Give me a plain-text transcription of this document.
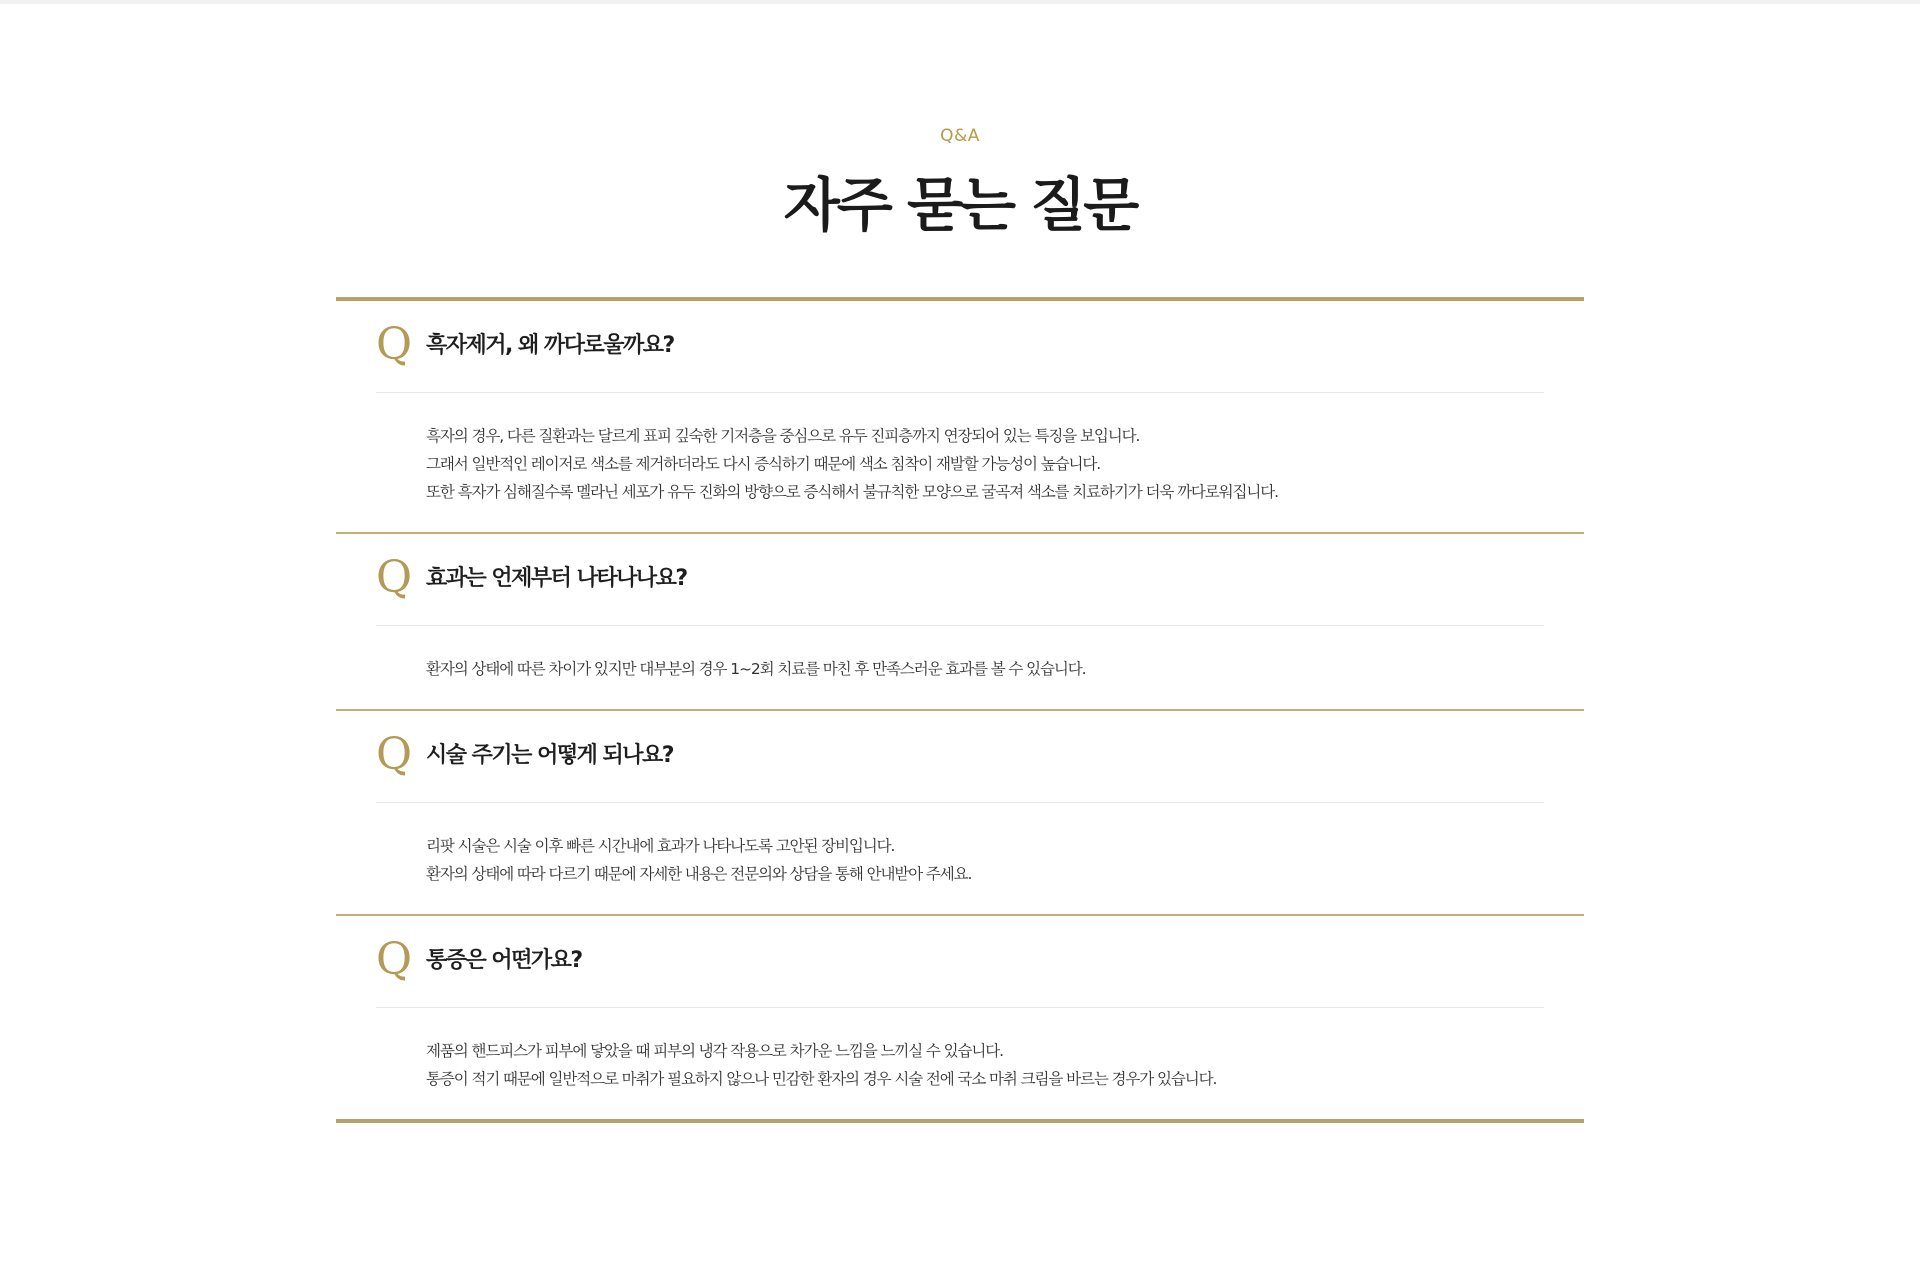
Q&A
자주 묻는 질문
Q 흑자제거, 왜 까다로울까요?
흑자의 경우, 다른 질환과는 달르게 표피 깊숙한 기저층을 중심으로 유두 진피층까지 연장되어 있는 특징을 보입니다.
그래서 일반적인 레이저로 색소를 제거하더라도 다시 증식하기 때문에 색소 침착이 재발할 가능성이 높습니다.
또한 흑자가 심해질수록 멜라닌 세포가 유두 진화의 방향으로 증식해서 불규칙한 모양으로 굴곡져 색소를 치료하기가 더욱 까다로워집니다.
Q 효과는 언제부터 나타나나요?
환자의 상태에 따른 차이가 있지만 대부분의 경우 1~2회 치료를 마친 후 만족스러운 효과를 볼 수 있습니다.
Q 시술 주기는 어떻게 되나요?
리팟 시술은 시술 이후 빠른 시간내에 효과가 나타나도록 고안된 장비입니다.
환자의 상태에 따라 다르기 때문에 자세한 내용은 전문의와 상담을 통해 안내받아 주세요.
Q 통증은 어떤가요?
제품의 핸드피스가 피부에 닿았을 때 피부의 냉각 작용으로 차가운 느낌을 느끼실 수 있습니다.
통증이 적기 때문에 일반적으로 마취가 필요하지 않으나 민감한 환자의 경우 시술 전에 국소 마취 크림을 바르는 경우가 있습니다.
